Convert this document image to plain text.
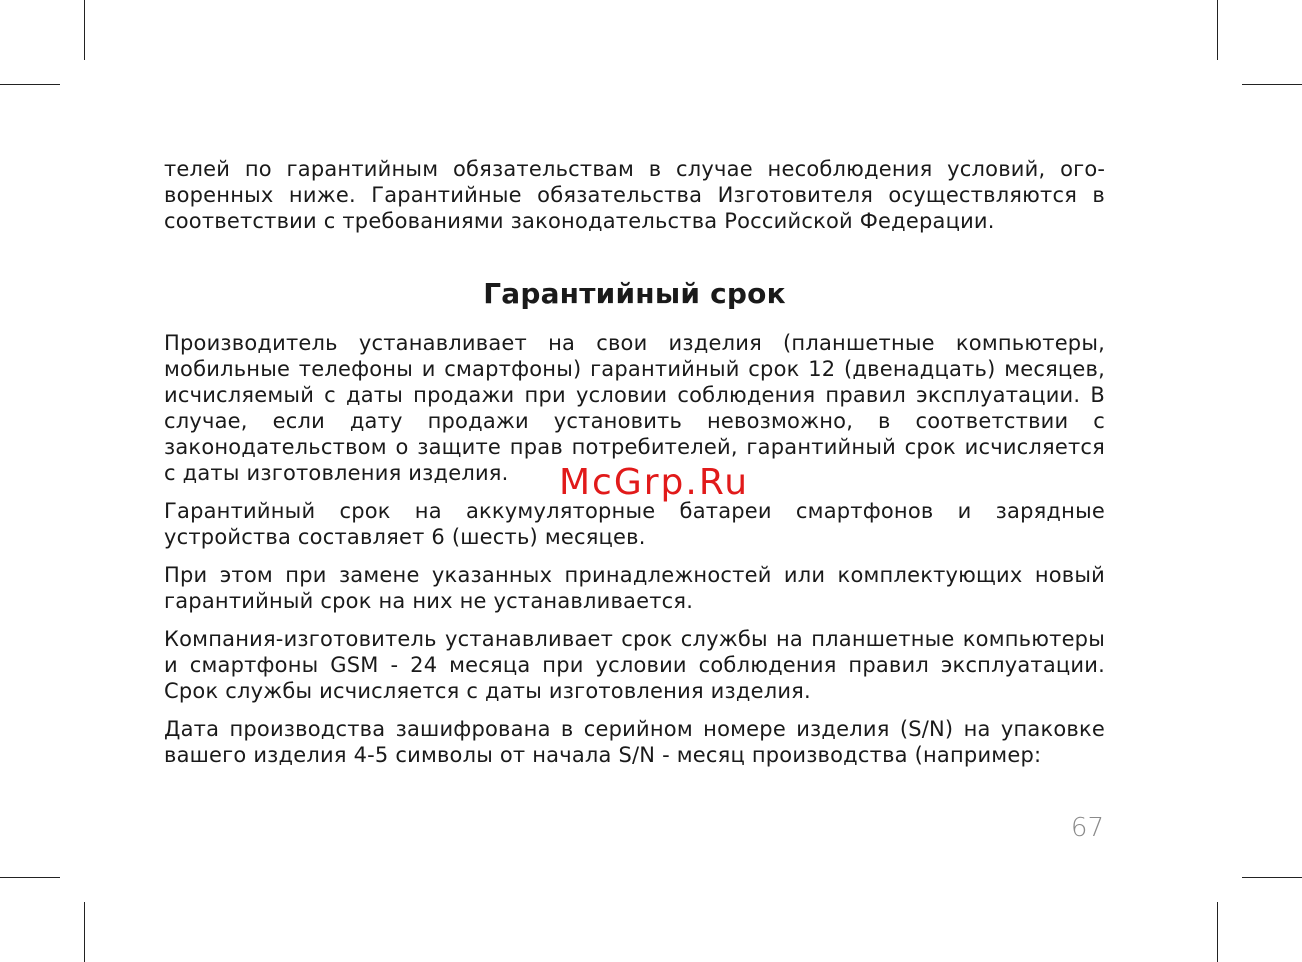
телей по гарантийным обязательствам в случае несоблюдения условий, оговоренных ниже. Гарантийные обязательства Изготовителя осуществляются в соответствии с требованиями законодательства Российской Федерации.

Гарантийный срок

Производитель устанавливает на свои изделия (планшетные компьютеры, мобильные телефоны и смартфоны) гарантийный срок 12 (двенадцать) месяцев, исчисляемый с даты продажи при условии соблюдения правил эксплуатации. В случае, если дату продажи установить невозможно, в соответствии с законодательством о защите прав потребителей, гарантийный срок исчисляется с даты изготовления изделия.

Гарантийный срок на аккумуляторные батареи смартфонов и зарядные устройства составляет 6 (шесть) месяцев.

При этом при замене указанных принадлежностей или комплектующих новый гарантийный срок на них не устанавливается.

Компания-изготовитель устанавливает срок службы на планшетные компьютеры и смартфоны GSM - 24 месяца при условии соблюдения правил эксплуатации. Срок службы исчисляется с даты изготовления изделия.

Дата производства зашифрована в серийном номере изделия (S/N) на упаковке вашего изделия 4-5 символы от начала S/N - месяц производства (например:

McGrp.Ru
67
